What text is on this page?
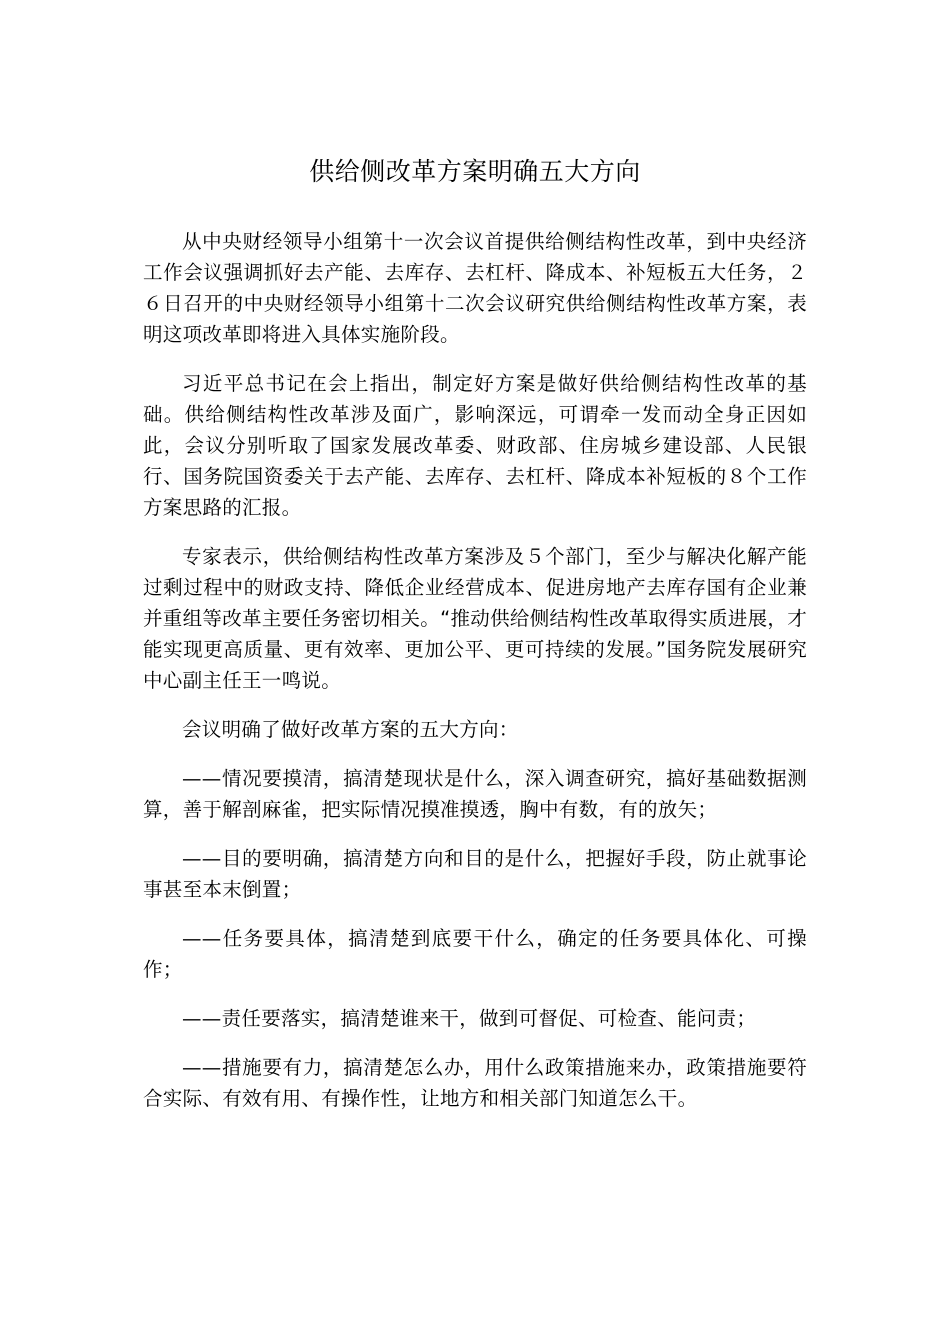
供给侧改革方案明确五大方向

从中央财经领导小组第十一次会议首提供给侧结构性改革，到中央经济工作会议强调抓好去产能、去库存、去杠杆、降成本、补短板五大任务，２６日召开的中央财经领导小组第十二次会议研究供给侧结构性改革方案，表明这项改革即将进入具体实施阶段。

习近平总书记在会上指出，制定好方案是做好供给侧结构性改革的基础。供给侧结构性改革涉及面广，影响深远，可谓牵一发而动全身正因如此，会议分别听取了国家发展改革委、财政部、住房城乡建设部、人民银行、国务院国资委关于去产能、去库存、去杠杆、降成本补短板的８个工作方案思路的汇报。

专家表示，供给侧结构性改革方案涉及５个部门，至少与解决化解产能过剩过程中的财政支持、降低企业经营成本、促进房地产去库存国有企业兼并重组等改革主要任务密切相关。“推动供给侧结构性改革取得实质进展，才能实现更高质量、更有效率、更加公平、更可持续的发展。”国务院发展研究中心副主任王一鸣说。

会议明确了做好改革方案的五大方向：

——情况要摸清，搞清楚现状是什么，深入调查研究，搞好基础数据测算，善于解剖麻雀，把实际情况摸准摸透，胸中有数，有的放矢；

——目的要明确，搞清楚方向和目的是什么，把握好手段，防止就事论事甚至本末倒置；

——任务要具体，搞清楚到底要干什么，确定的任务要具体化、可操作；

——责任要落实，搞清楚谁来干，做到可督促、可检查、能问责；

——措施要有力，搞清楚怎么办，用什么政策措施来办，政策措施要符合实际、有效有用、有操作性，让地方和相关部门知道怎么干。
